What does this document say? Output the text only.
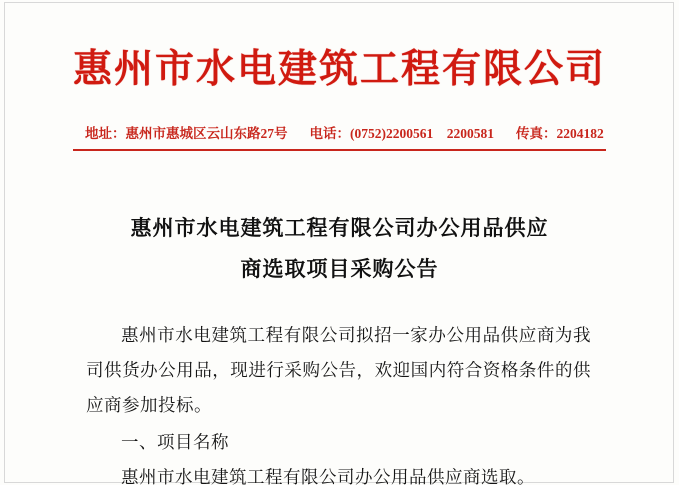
惠州市水电建筑工程有限公司
地址：惠州市惠城区云山东路27号 电话：(0752)2200561　2200581 传真：2204182
惠州市水电建筑工程有限公司办公用品供应
商选取项目采购公告

惠州市水电建筑工程有限公司拟招一家办公用品供应商为我司供货办公用品，现进行采购公告，欢迎国内符合资格条件的供应商参加投标。

一、项目名称

惠州市水电建筑工程有限公司办公用品供应商选取。
